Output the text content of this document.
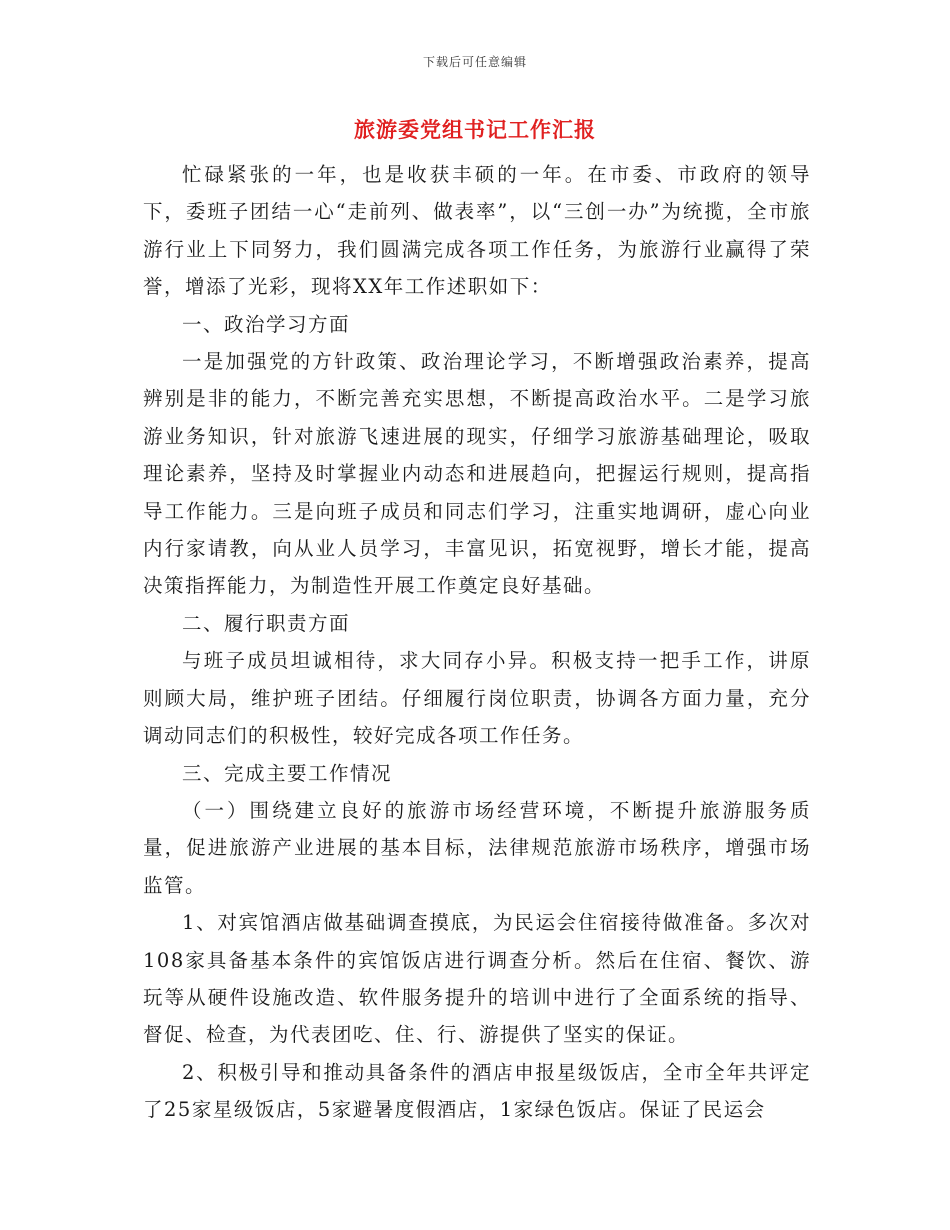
下载后可任意编辑
旅游委党组书记工作汇报

忙碌紧张的一年，也是收获丰硕的一年。在市委、市政府的领导下，委班子团结一心“走前列、做表率”，以“三创一办”为统揽，全市旅游行业上下同努力，我们圆满完成各项工作任务，为旅游行业赢得了荣誉，增添了光彩，现将XX年工作述职如下：

一、政治学习方面

一是加强党的方针政策、政治理论学习，不断增强政治素养，提高辨别是非的能力，不断完善充实思想，不断提高政治水平。二是学习旅游业务知识，针对旅游飞速进展的现实，仔细学习旅游基础理论，吸取理论素养，坚持及时掌握业内动态和进展趋向，把握运行规则，提高指导工作能力。三是向班子成员和同志们学习，注重实地调研，虚心向业内行家请教，向从业人员学习，丰富见识，拓宽视野，增长才能，提高决策指挥能力，为制造性开展工作奠定良好基础。

二、履行职责方面

与班子成员坦诚相待，求大同存小异。积极支持一把手工作，讲原则顾大局，维护班子团结。仔细履行岗位职责，协调各方面力量，充分调动同志们的积极性，较好完成各项工作任务。

三、完成主要工作情况

（一）围绕建立良好的旅游市场经营环境，不断提升旅游服务质量，促进旅游产业进展的基本目标，法律规范旅游市场秩序，增强市场监管。

1、对宾馆酒店做基础调查摸底，为民运会住宿接待做准备。多次对108家具备基本条件的宾馆饭店进行调查分析。然后在住宿、餐饮、游玩等从硬件设施改造、软件服务提升的培训中进行了全面系统的指导、督促、检查，为代表团吃、住、行、游提供了坚实的保证。

2、积极引导和推动具备条件的酒店申报星级饭店，全市全年共评定了25家星级饭店，5家避暑度假酒店，1家绿色饭店。保证了民运会
